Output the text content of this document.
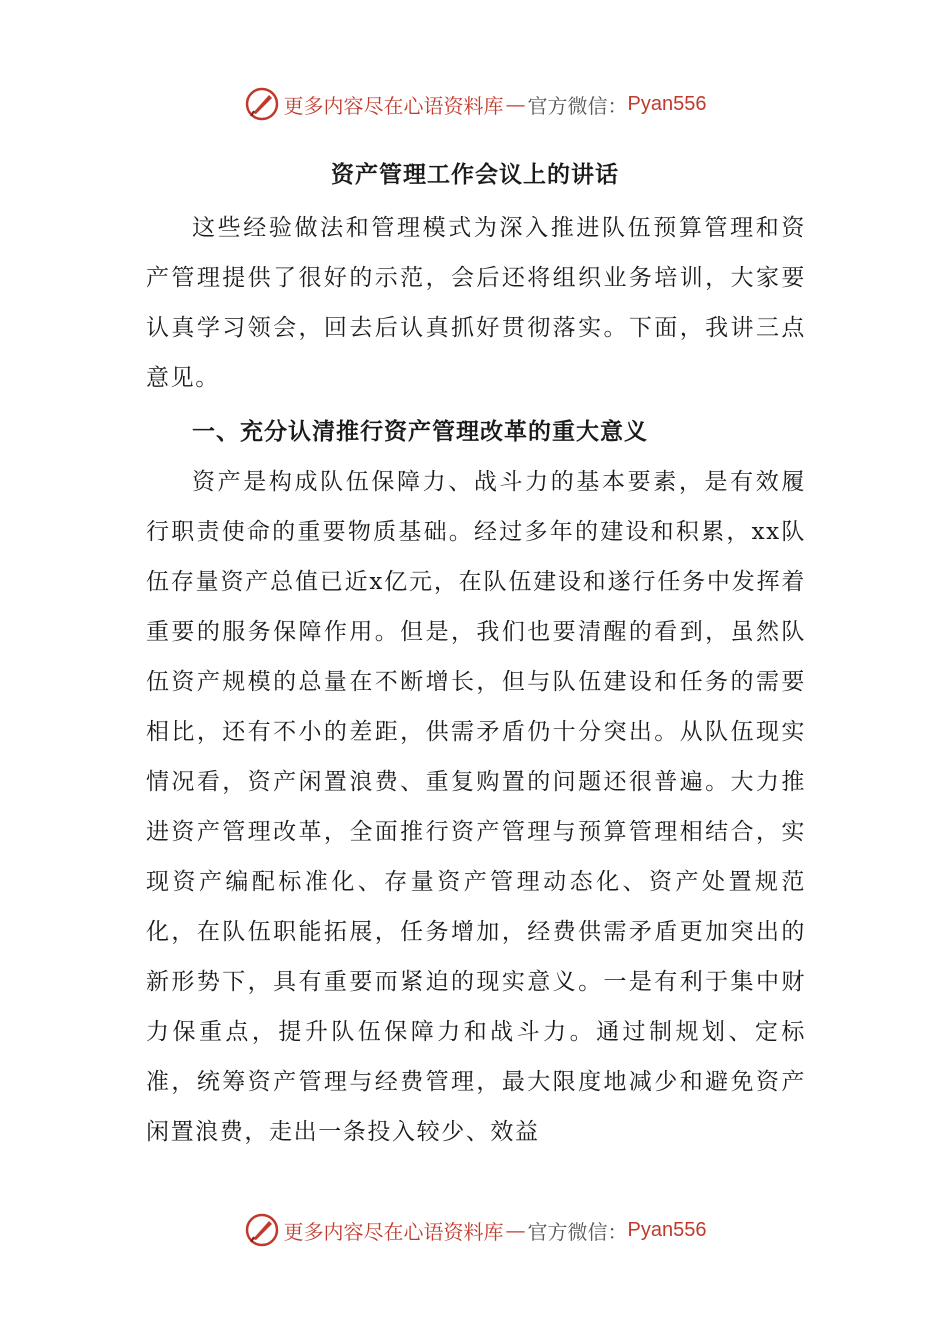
更多内容尽在心语资料库 — 官方微信： Pyan556
资产管理工作会议上的讲话

这些经验做法和管理模式为深入推进队伍预算管理和资产管理提供了很好的示范，会后还将组织业务培训，大家要认真学习领会，回去后认真抓好贯彻落实。下面，我讲三点意见。

一、充分认清推行资产管理改革的重大意义

资产是构成队伍保障力、战斗力的基本要素，是有效履行职责使命的重要物质基础。经过多年的建设和积累，xx队伍存量资产总值已近x亿元，在队伍建设和遂行任务中发挥着重要的服务保障作用。但是，我们也要清醒的看到，虽然队伍资产规模的总量在不断增长，但与队伍建设和任务的需要相比，还有不小的差距，供需矛盾仍十分突出。从队伍现实情况看，资产闲置浪费、重复购置的问题还很普遍。大力推进资产管理改革，全面推行资产管理与预算管理相结合，实现资产编配标准化、存量资产管理动态化、资产处置规范化，在队伍职能拓展，任务增加，经费供需矛盾更加突出的新形势下，具有重要而紧迫的现实意义。一是有利于集中财力保重点，提升队伍保障力和战斗力。通过制规划、定标准，统筹资产管理与经费管理，最大限度地减少和避免资产闲置浪费，走出一条投入较少、效益

更多内容尽在心语资料库 — 官方微信： Pyan556
